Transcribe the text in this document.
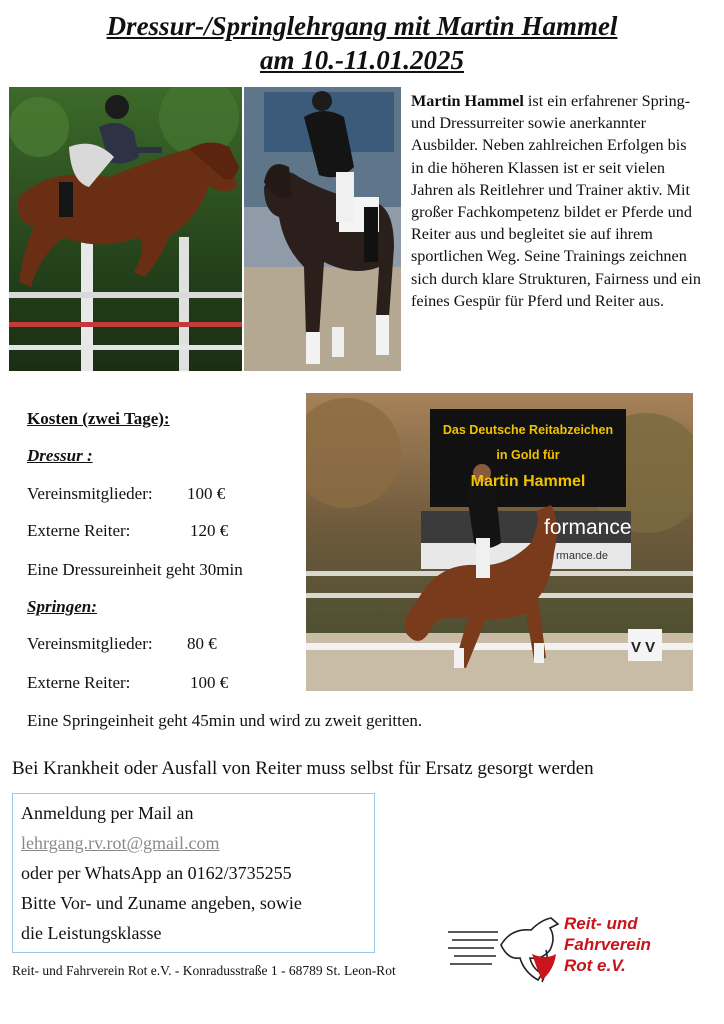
Dressur-/Springlehrgang mit Martin Hammel
am 10.-11.01.2025
Martin Hammel ist ein erfahrener Spring- und Dressurreiter sowie anerkannter Ausbilder. Neben zahlreichen Erfolgen bis in die höheren Klassen ist er seit vielen Jahren als Reitlehrer und Trainer aktiv. Mit großer Fachkompetenz bildet er Pferde und Reiter aus und begleitet sie auf ihrem sportlichen Weg. Seine Trainings zeichnen sich durch klare Strukturen, Fairness und ein feines Gespür für Pferd und Reiter aus.
Kosten (zwei Tage):
Dressur :
Vereinsmitglieder: 100 €
Externe Reiter:	120 €
Eine Dressureinheit geht 30min
Springen:
Vereinsmitglieder: 80 €
Externe Reiter:	100 €
Eine Springeinheit geht 45min und wird zu zweit geritten.
Das Deutsche Reitabzeichen
in Gold für
Martin Hammel
formance
rmance.de
V V
Bei Krankheit oder Ausfall von Reiter muss selbst für Ersatz gesorgt werden
Anmeldung per Mail an
lehrgang.rv.rot@gmail.com
oder per WhatsApp an 0162/3735255
Bitte Vor- und Zuname angeben, sowie
die Leistungsklasse	Reit- und
Fahrverein
Rot e.V.
Reit- und Fahrverein Rot e.V. - Konradusstraße 1 - 68789 St. Leon-Rot
